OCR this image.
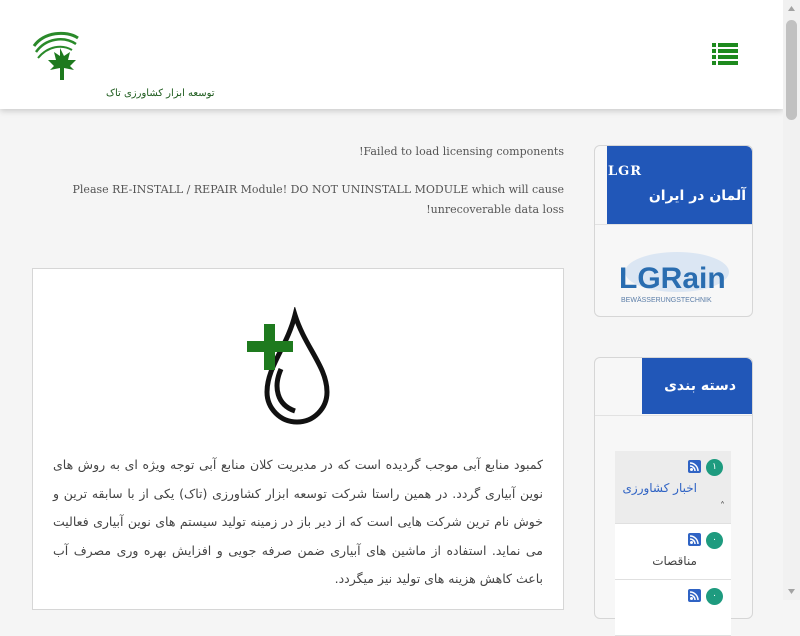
توسعه ابزار کشاورزی تاک

Failed to load licensing components!

Please RE-INSTALL / REPAIR Module! DO NOT UNINSTALL MODULE which will cause unrecoverable data loss!

کمبود منابع آبی موجب گردیده است که در مدیریت کلان منابع آبی توجه ویژه ای به روش های نوین آبیاری گردد. در همین راستا شرکت توسعه ابزار کشاورزی (تاک) یکی از با سابقه ترین و خوش نام ترین شرکت هایی است که از دیر باز در زمینه تولید سیستم های نوین آبیاری فعالیت می نماید. استفاده از ماشین های آبیاری ضمن صرفه جویی و افزایش بهره وری مصرف آب باعث کاهش هزینه های تولید نیز میگردد.
LGR
آلمان در ایران
LGRain
BEWÄSSERUNGSTECHNIK
دسته بندی
۱
اخبار کشاورزی
˄
۰
مناقصات
۰
